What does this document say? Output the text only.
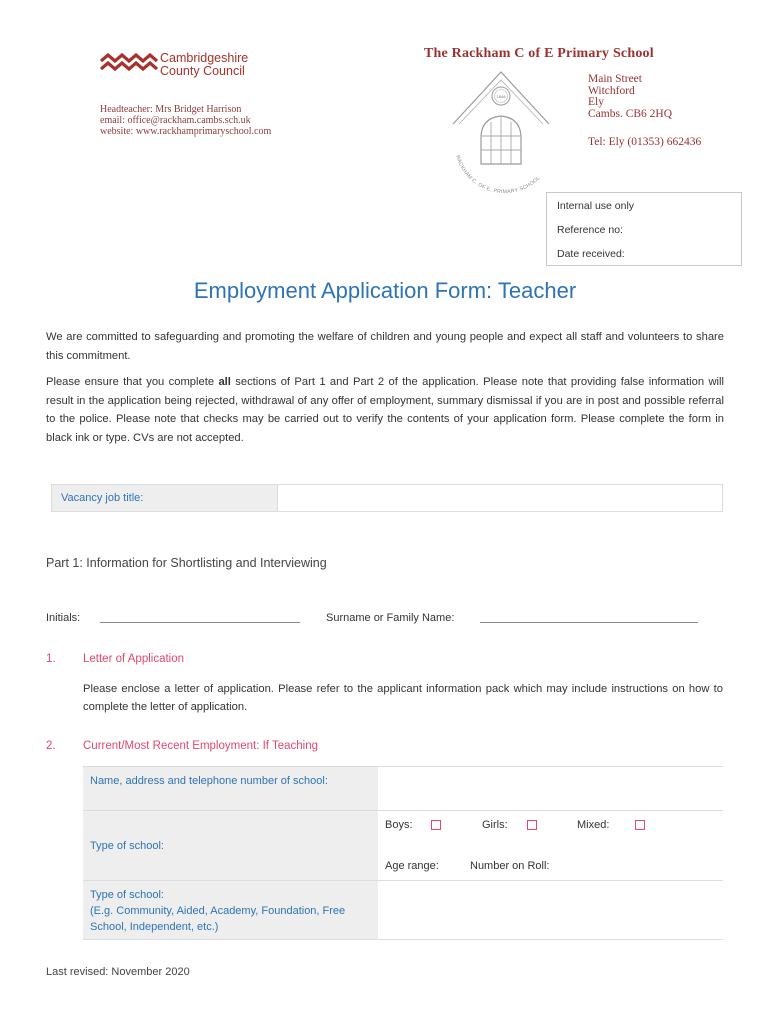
Cambridgeshire
County Council
Headteacher: Mrs Bridget Harrison
email: office@rackham.cambs.sch.uk
website: www.rackhamprimaryschool.com
The Rackham C of E Primary School
1848
RACKHAM C. OF E. PRIMARY SCHOOL
Main Street
Witchford
Ely
Cambs. CB6 2HQ
Tel: Ely (01353) 662436
Internal use only
Reference no:
Date received:
Employment Application Form: Teacher
We are committed to safeguarding and promoting the welfare of children and young people and expect all staff and volunteers to share this commitment.
Please ensure that you complete all sections of Part 1 and Part 2 of the application. Please note that providing false information will result in the application being rejected, withdrawal of any offer of employment, summary dismissal if you are in post and possible referral to the police. Please note that checks may be carried out to verify the contents of your application form. Please complete the form in black ink or type. CVs are not accepted.
Vacancy job title:
Part 1: Information for Shortlisting and Interviewing
Initials:	Surname or Family Name:
1. Letter of Application
Please enclose a letter of application. Please refer to the applicant information pack which may include instructions on how to complete the letter of application.
2. Current/Most Recent Employment: If Teaching
Name, address and telephone number of school:
Type of school:
Boys:	Girls:	Mixed:
Age range:	Number on Roll:
Type of school:
(E.g. Community, Aided, Academy, Foundation, Free School, Independent, etc.)
Last revised: November 2020
